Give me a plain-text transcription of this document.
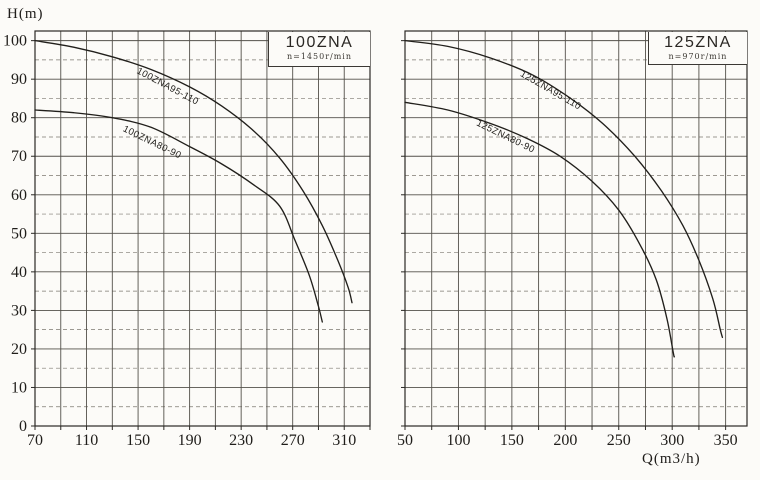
70 110 150 190 230 270 310
0
10
20
30
40
50
60
70
80
90
100
100ZNA95-110
100ZNA80-90
50 100 150 200 250 300 350
125ZNA95-110
125ZNA80-90
H(m)
Q(m3/h)
100ZNA
n=1450r/min
125ZNA
n=970r/min
